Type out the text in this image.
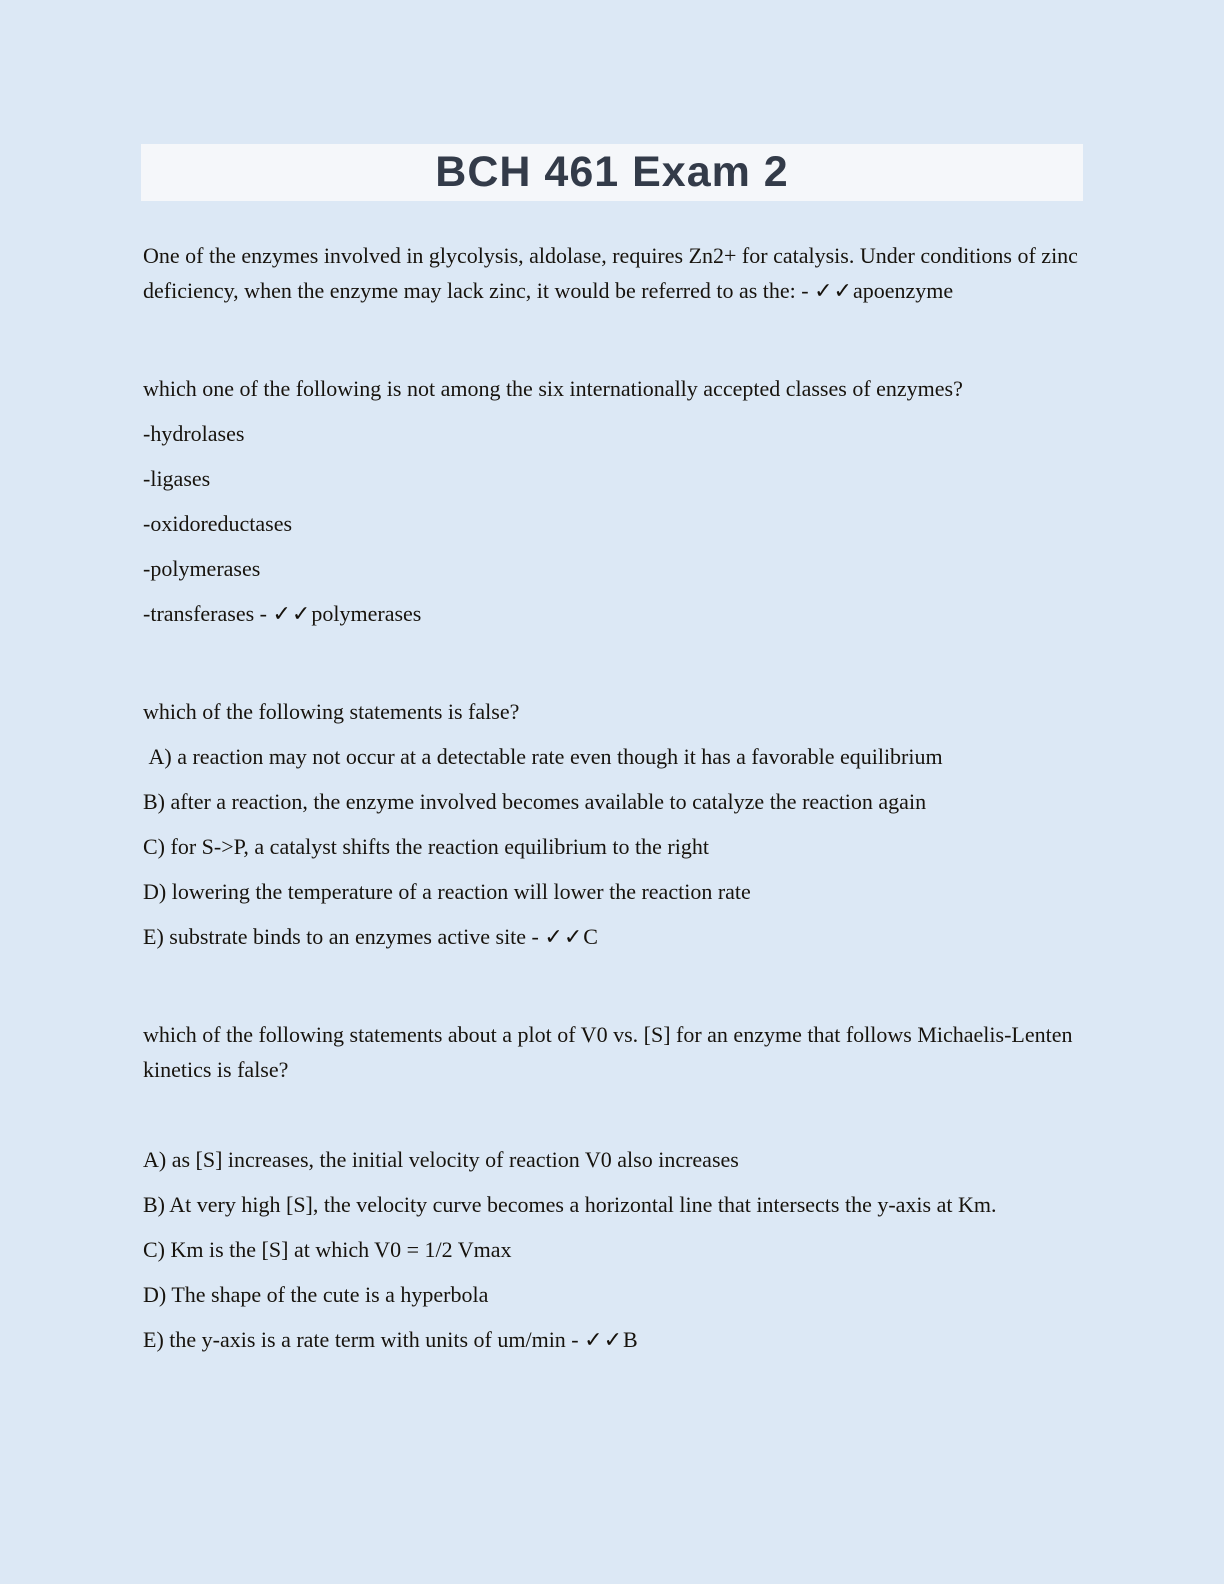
BCH 461 Exam 2

One of the enzymes involved in glycolysis, aldolase, requires Zn2+ for catalysis. Under conditions of zinc deficiency, when the enzyme may lack zinc, it would be referred to as the: - ✓✓apoenzyme

which one of the following is not among the six internationally accepted classes of enzymes?

-hydrolases

-ligases

-oxidoreductases

-polymerases

-transferases - ✓✓polymerases

which of the following statements is false?

A) a reaction may not occur at a detectable rate even though it has a favorable equilibrium

B) after a reaction, the enzyme involved becomes available to catalyze the reaction again

C) for S->P, a catalyst shifts the reaction equilibrium to the right

D) lowering the temperature of a reaction will lower the reaction rate

E) substrate binds to an enzymes active site - ✓✓C

which of the following statements about a plot of V0 vs. [S] for an enzyme that follows Michaelis-Lenten kinetics is false?

A) as [S] increases, the initial velocity of reaction V0 also increases

B) At very high [S], the velocity curve becomes a horizontal line that intersects the y-axis at Km.

C) Km is the [S] at which V0 = 1/2 Vmax

D) The shape of the cute is a hyperbola

E) the y-axis is a rate term with units of um/min - ✓✓B
